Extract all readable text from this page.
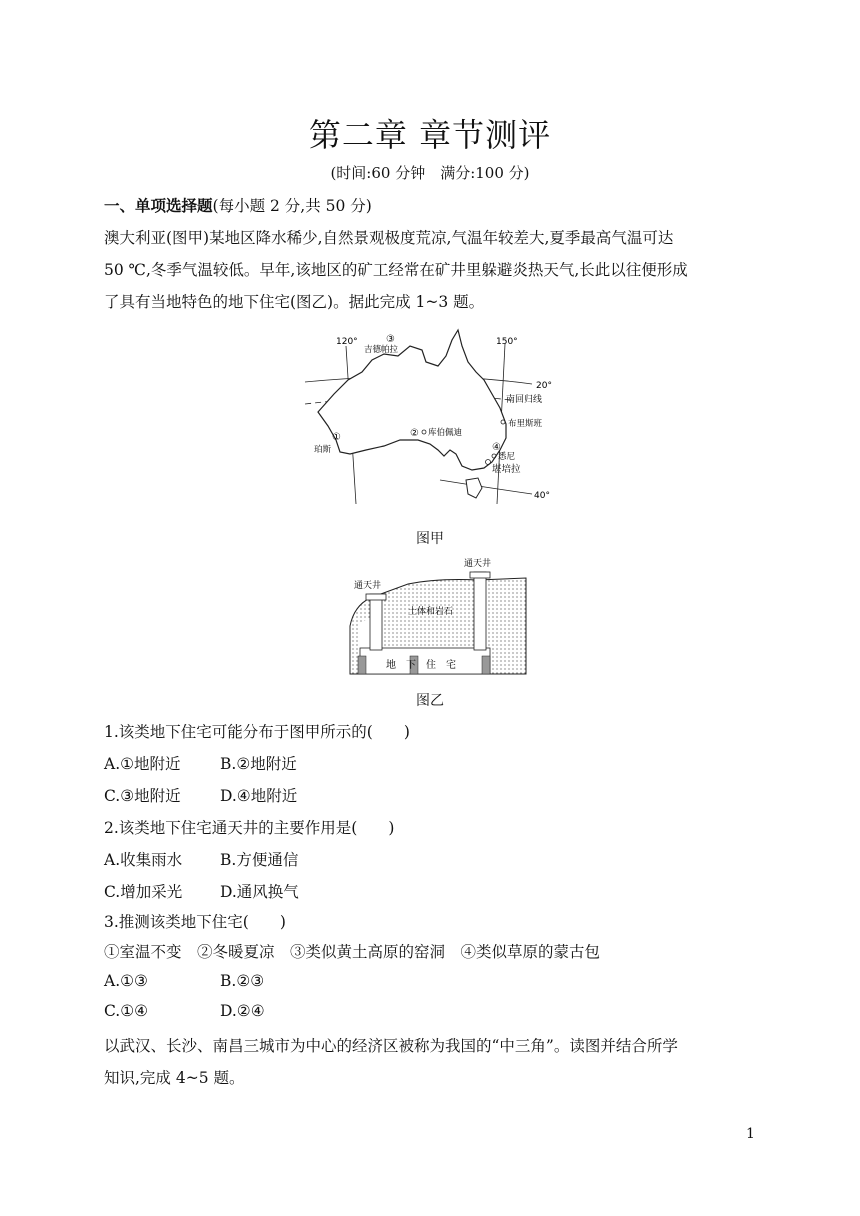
第二章 章节测评
(时间:60 分钟　满分:100 分)
一、单项选择题(每小题 2 分,共 50 分)
澳大利亚(图甲)某地区降水稀少,自然景观极度荒凉,气温年较差大,夏季最高气温可达
50 ℃,冬季气温较低。早年,该地区的矿工经常在矿井里躲避炎热天气,长此以往便形成
了具有当地特色的地下住宅(图乙)。据此完成 1~3 题。
120°	150°
20°
40°
南回归线
③
吉德帕拉
② 库伯佩迪
布里斯班
①
珀斯	④
悉尼
堪培拉
图甲
通天井
通天井
土体和岩石
地　下　住　宅
图乙
1.该类地下住宅可能分布于图甲所示的(　　)
A.①地附近	B.②地附近
C.③地附近	D.④地附近
2.该类地下住宅通天井的主要作用是(　　)
A.收集雨水 B.方便通信
C.增加采光 D.通风换气
3.推测该类地下住宅(　　)
①室温不变　②冬暖夏凉　③类似黄土高原的窑洞　④类似草原的蒙古包
A.①③	B.②③
C.①④	D.②④
以武汉、长沙、南昌三城市为中心的经济区被称为我国的“中三角”。读图并结合所学
知识,完成 4~5 题。
1
